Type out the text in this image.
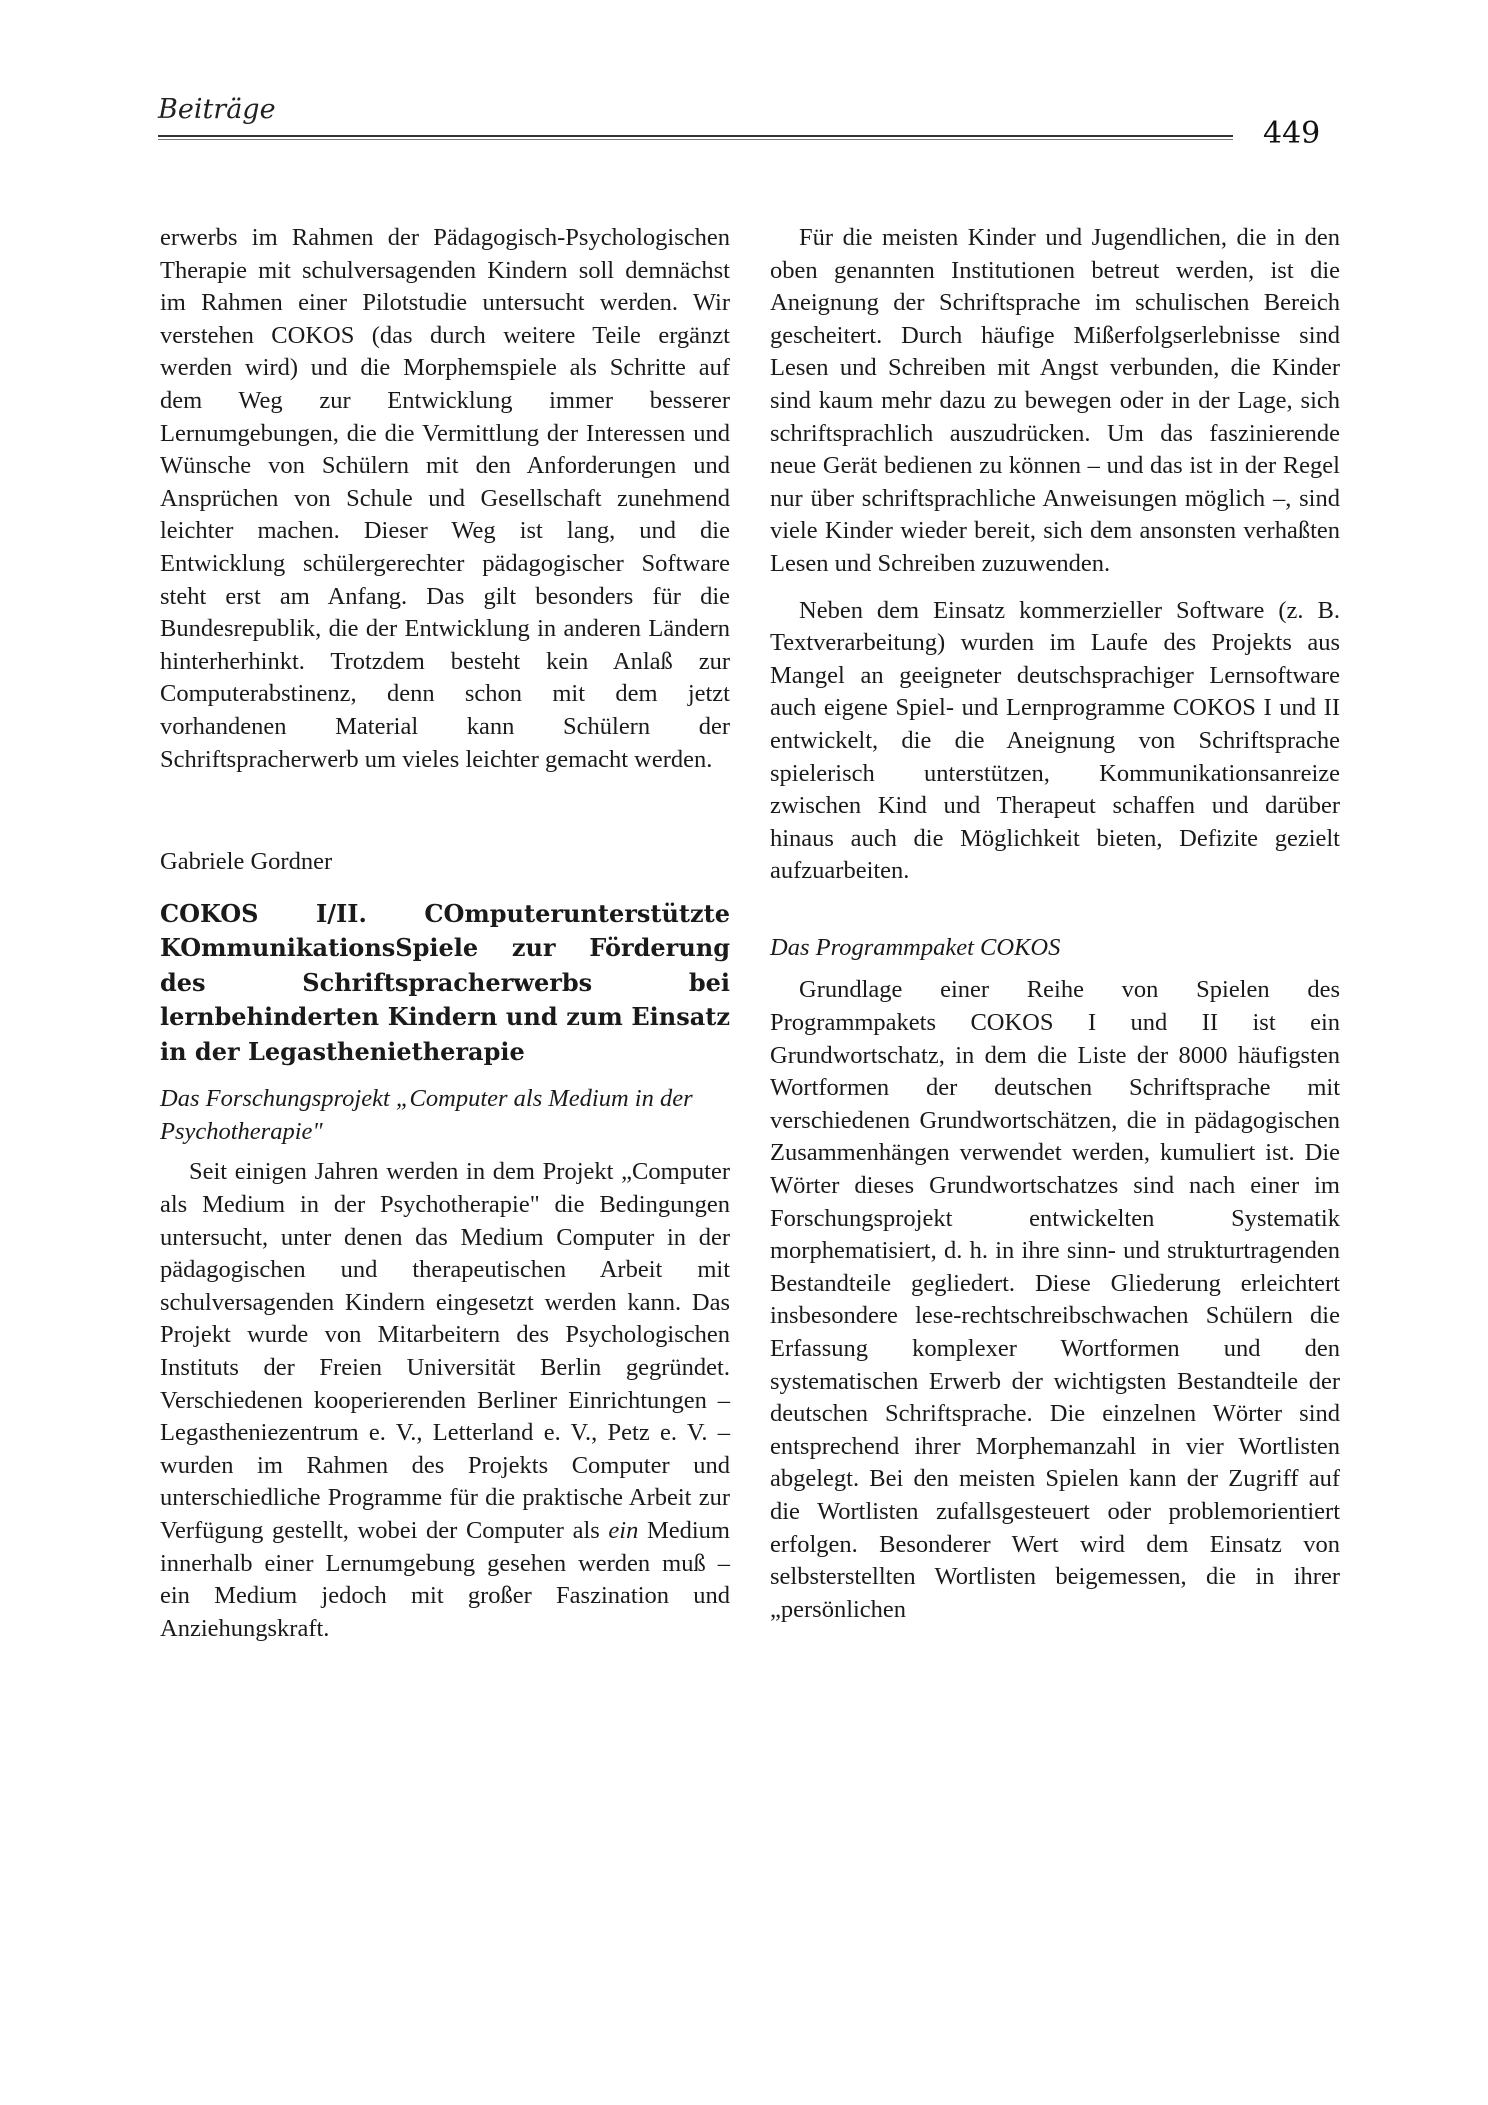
Beiträge
449

erwerbs im Rahmen der Pädagogisch-Psychologischen Therapie mit schulversagenden Kindern soll demnächst im Rahmen einer Pilotstudie untersucht werden. Wir verstehen COKOS (das durch weitere Teile ergänzt werden wird) und die Morphemspiele als Schritte auf dem Weg zur Entwicklung immer besserer Lernumgebungen, die die Vermittlung der Interessen und Wünsche von Schülern mit den Anforderungen und Ansprüchen von Schule und Gesellschaft zunehmend leichter machen. Dieser Weg ist lang, und die Entwicklung schülergerechter pädagogischer Software steht erst am Anfang. Das gilt besonders für die Bundesrepublik, die der Entwicklung in anderen Ländern hinterherhinkt. Trotzdem besteht kein Anlaß zur Computerabstinenz, denn schon mit dem jetzt vorhandenen Material kann Schülern der Schriftspracherwerb um vieles leichter gemacht werden.

Gabriele Gordner

COKOS I/II. COmputerunterstützte KOmmunikationsSpiele zur Förderung des Schriftspracherwerbs bei lernbehinderten Kindern und zum Einsatz in der Legasthenietherapie

Das Forschungsprojekt „Computer als Medium in der Psychotherapie"

Seit einigen Jahren werden in dem Projekt „Computer als Medium in der Psychotherapie" die Bedingungen untersucht, unter denen das Medium Computer in der pädagogischen und therapeutischen Arbeit mit schulversagenden Kindern eingesetzt werden kann. Das Projekt wurde von Mitarbeitern des Psychologischen Instituts der Freien Universität Berlin gegründet. Verschiedenen kooperierenden Berliner Einrichtungen – Legastheniezentrum e. V., Letterland e. V., Petz e. V. – wurden im Rahmen des Projekts Computer und unterschiedliche Programme für die praktische Arbeit zur Verfügung gestellt, wobei der Computer als ein Medium innerhalb einer Lernumgebung gesehen werden muß – ein Medium jedoch mit großer Faszination und Anziehungskraft.

Für die meisten Kinder und Jugendlichen, die in den oben genannten Institutionen betreut werden, ist die Aneignung der Schriftsprache im schulischen Bereich gescheitert. Durch häufige Mißerfolgserlebnisse sind Lesen und Schreiben mit Angst verbunden, die Kinder sind kaum mehr dazu zu bewegen oder in der Lage, sich schriftsprachlich auszudrücken. Um das faszinierende neue Gerät bedienen zu können – und das ist in der Regel nur über schriftsprachliche Anweisungen möglich –, sind viele Kinder wieder bereit, sich dem ansonsten verhaßten Lesen und Schreiben zuzuwenden.

Neben dem Einsatz kommerzieller Software (z. B. Textverarbeitung) wurden im Laufe des Projekts aus Mangel an geeigneter deutschsprachiger Lernsoftware auch eigene Spiel- und Lernprogramme COKOS I und II entwickelt, die die Aneignung von Schriftsprache spielerisch unterstützen, Kommunikationsanreize zwischen Kind und Therapeut schaffen und darüber hinaus auch die Möglichkeit bieten, Defizite gezielt aufzuarbeiten.

Das Programmpaket COKOS

Grundlage einer Reihe von Spielen des Programmpakets COKOS I und II ist ein Grundwortschatz, in dem die Liste der 8000 häufigsten Wortformen der deutschen Schriftsprache mit verschiedenen Grundwortschätzen, die in pädagogischen Zusammenhängen verwendet werden, kumuliert ist. Die Wörter dieses Grundwortschatzes sind nach einer im Forschungsprojekt entwickelten Systematik morphematisiert, d. h. in ihre sinn- und strukturtragenden Bestandteile gegliedert. Diese Gliederung erleichtert insbesondere lese-rechtschreibschwachen Schülern die Erfassung komplexer Wortformen und den systematischen Erwerb der wichtigsten Bestandteile der deutschen Schriftsprache. Die einzelnen Wörter sind entsprechend ihrer Morphemanzahl in vier Wortlisten abgelegt. Bei den meisten Spielen kann der Zugriff auf die Wortlisten zufallsgesteuert oder problemorientiert erfolgen. Besonderer Wert wird dem Einsatz von selbsterstellten Wortlisten beigemessen, die in ihrer „persönlichen
